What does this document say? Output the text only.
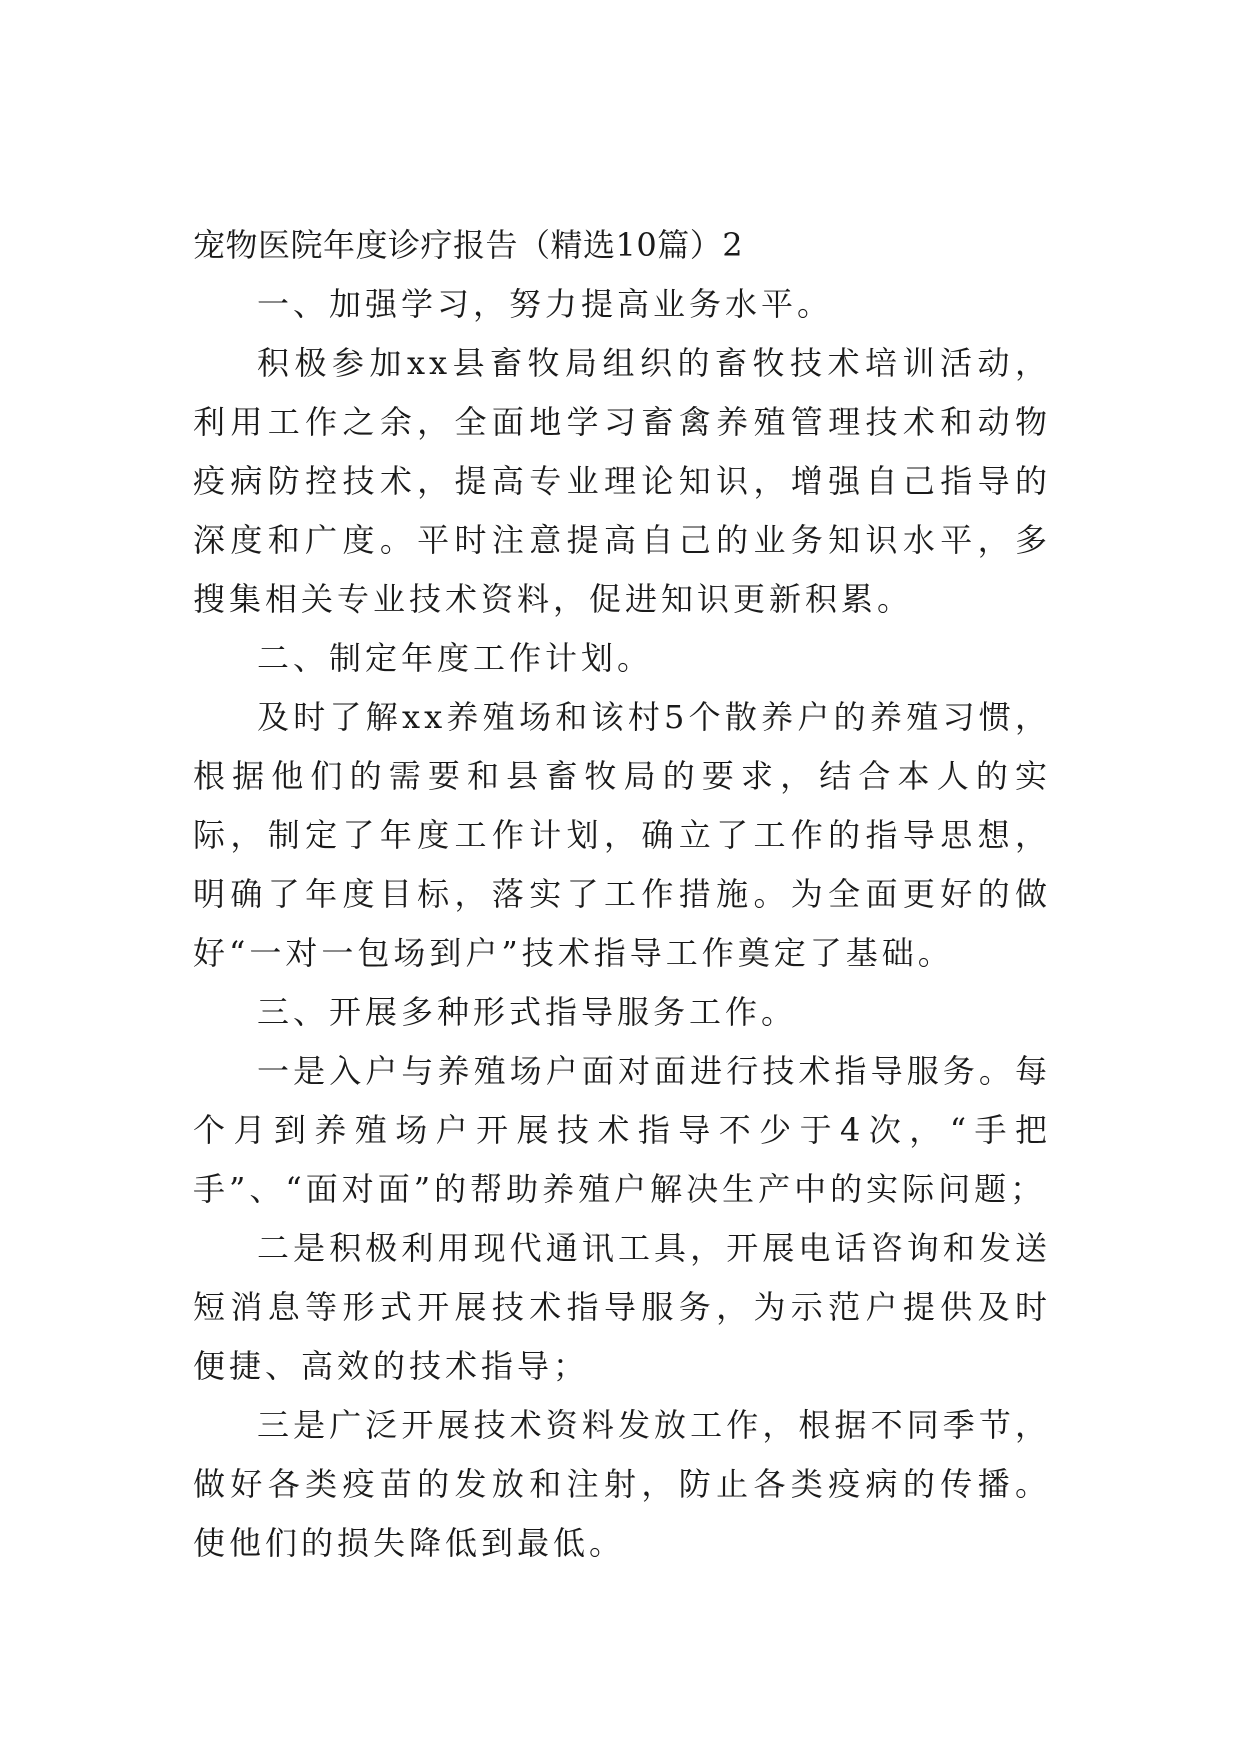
宠物医院年度诊疗报告（精选10篇）2

一、加强学习，努力提高业务水平。

积极参加xx县畜牧局组织的畜牧技术培训活动，利用工作之余，全面地学习畜禽养殖管理技术和动物疫病防控技术，提高专业理论知识，增强自己指导的深度和广度。平时注意提高自己的业务知识水平，多搜集相关专业技术资料，促进知识更新积累。

二、制定年度工作计划。

及时了解xx养殖场和该村5个散养户的养殖习惯，根据他们的需要和县畜牧局的要求，结合本人的实际，制定了年度工作计划，确立了工作的指导思想，明确了年度目标，落实了工作措施。为全面更好的做好“一对一包场到户”技术指导工作奠定了基础。

三、开展多种形式指导服务工作。

一是入户与养殖场户面对面进行技术指导服务。每个月到养殖场户开展技术指导不少于4次，“手把手”、“面对面”的帮助养殖户解决生产中的实际问题；

二是积极利用现代通讯工具，开展电话咨询和发送短消息等形式开展技术指导服务，为示范户提供及时便捷、高效的技术指导；

三是广泛开展技术资料发放工作，根据不同季节，做好各类疫苗的发放和注射，防止各类疫病的传播。使他们的损失降低到最低。
